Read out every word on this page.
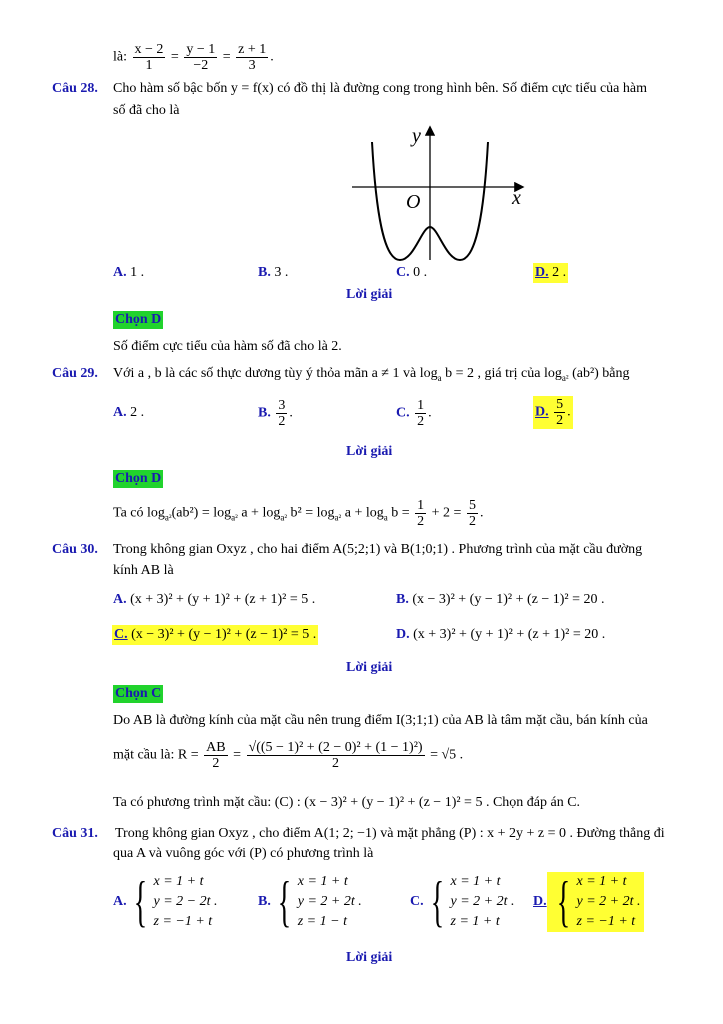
là: $\frac{x - 2}{1} = \frac{y - 1}{-2} = \frac{z + 1}{3}$ .
Câu 28. Cho hàm số bậc bốn y = f(x) có đồ thị là đường cong trong hình bên. Số điểm cực tiểu của hàm
số đã cho là
y
x
O
A. 1 .	B. 3 .	C. 0 .	D. 2 .
Lời giải
Chọn D
Số điểm cực tiểu của hàm số đã cho là 2.
Câu 29. Với a , b là các số thực dương tùy ý thỏa mãn a ≠ 1 và $\log_a b = 2$ , giá trị của $\log_{a^2} (ab^2)$ bằng
A. 2 .	B. $\frac{3}{2}$ .	C. $\frac{1}{2}$ .	D. $\frac{5}{2}$ .
Lời giải
Chọn D
Ta có $\log_{a^2}(ab^2) = \log_{a^2} a + \log_{a^2} b^2 = \log_{a^2} a + \log_a b = \frac{1}{2} + 2 = \frac{5}{2}$ .
Câu 30. Trong không gian Oxyz , cho hai điểm A(5;2;1) và B(1;0;1) . Phương trình của mặt cầu đường
kính AB là
A. (x + 3)² + (y + 1)² + (z + 1)² = 5 .	B. (x − 3)² + (y − 1)² + (z − 1)² = 20 .
C. (x − 3)² + (y − 1)² + (z − 1)² = 5 .	D. (x + 3)² + (y + 1)² + (z + 1)² = 20 .
Lời giải
Chọn C
Do AB là đường kính của mặt cầu nên trung điểm I(3;1;1) của AB là tâm mặt cầu, bán kính của
mặt cầu là: $R = \frac{AB}{2} = \frac{\text{√((5 − 1)² + (2 − 0)² + (1 − 1)²)}}{2} = √5$ .
Ta có phương trình mặt cầu: (C) : (x − 3)² + (y − 1)² + (z − 1)² = 5 . Chọn đáp án C.
Câu 31. Trong không gian Oxyz , cho điểm A(1; 2; −1) và mặt phẳng (P) : x + 2y + z = 0 . Đường thẳng đi
qua A và vuông góc với (P) có phương trình là
A. { x = 1 + t
y = 2 − 2t .
z = −1 + t
B. { x = 1 + t
y = 2 + 2t .
z = 1 − t
C. { x = 1 + t
y = 2 + 2t .
z = 1 + t
D. { x = 1 + t
y = 2 + 2t .
z = −1 + t
Lời giải
